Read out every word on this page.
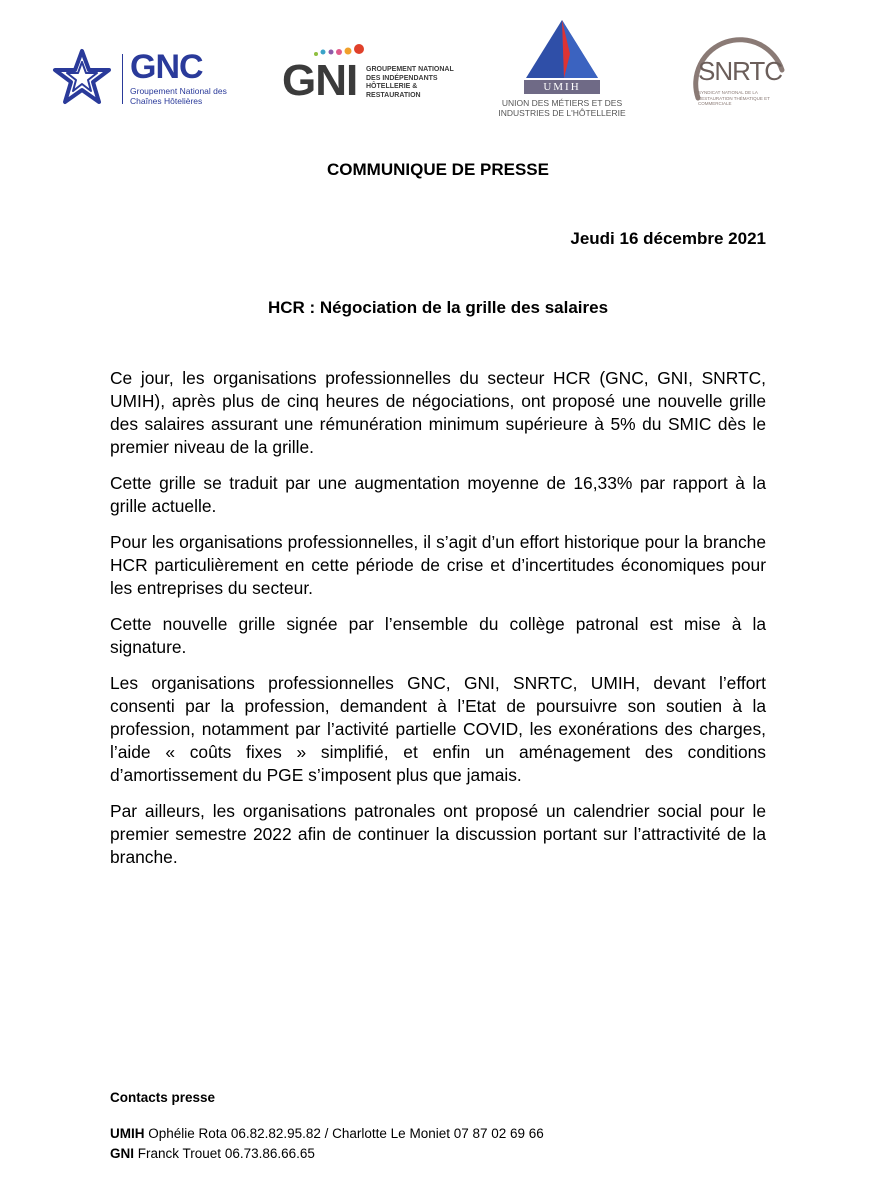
GNC
Groupement National des Chaînes Hôtelières	GNI GROUPEMENT NATIONAL DES INDÉPENDANTS HÔTELLERIE & RESTAURATION
UMIH
UNION DES MÉTIERS ET DES INDUSTRIES DE L'HÔTELLERIE
SNRTC
SYNDICAT NATIONAL DE LA RESTAURATION THÉMATIQUE ET COMMERCIALE
COMMUNIQUE DE PRESSE
Jeudi 16 décembre 2021
HCR : Négociation de la grille des salaires

Ce jour, les organisations professionnelles du secteur HCR (GNC, GNI, SNRTC, UMIH), après plus de cinq heures de négociations, ont proposé une nouvelle grille des salaires assurant une rémunération minimum supérieure à 5% du SMIC dès le premier niveau de la grille.

Cette grille se traduit par une augmentation moyenne de 16,33% par rapport à la grille actuelle.

Pour les organisations professionnelles, il s’agit d’un effort historique pour la branche HCR particulièrement en cette période de crise et d’incertitudes économiques pour les entreprises du secteur.

Cette nouvelle grille signée par l’ensemble du collège patronal est mise à la signature.

Les organisations professionnelles GNC, GNI, SNRTC, UMIH, devant l’effort consenti par la profession, demandent à l’Etat de poursuivre son soutien à la profession, notamment par l’activité partielle COVID, les exonérations des charges, l’aide « coûts fixes » simplifié, et enfin un aménagement des conditions d’amortissement du PGE s’imposent plus que jamais.

Par ailleurs, les organisations patronales ont proposé un calendrier social pour le premier semestre 2022 afin de continuer la discussion portant sur l’attractivité de la branche.

Contacts presse
UMIH Ophélie Rota 06.82.82.95.82 / Charlotte Le Moniet 07 87 02 69 66
GNI Franck Trouet 06.73.86.66.65
